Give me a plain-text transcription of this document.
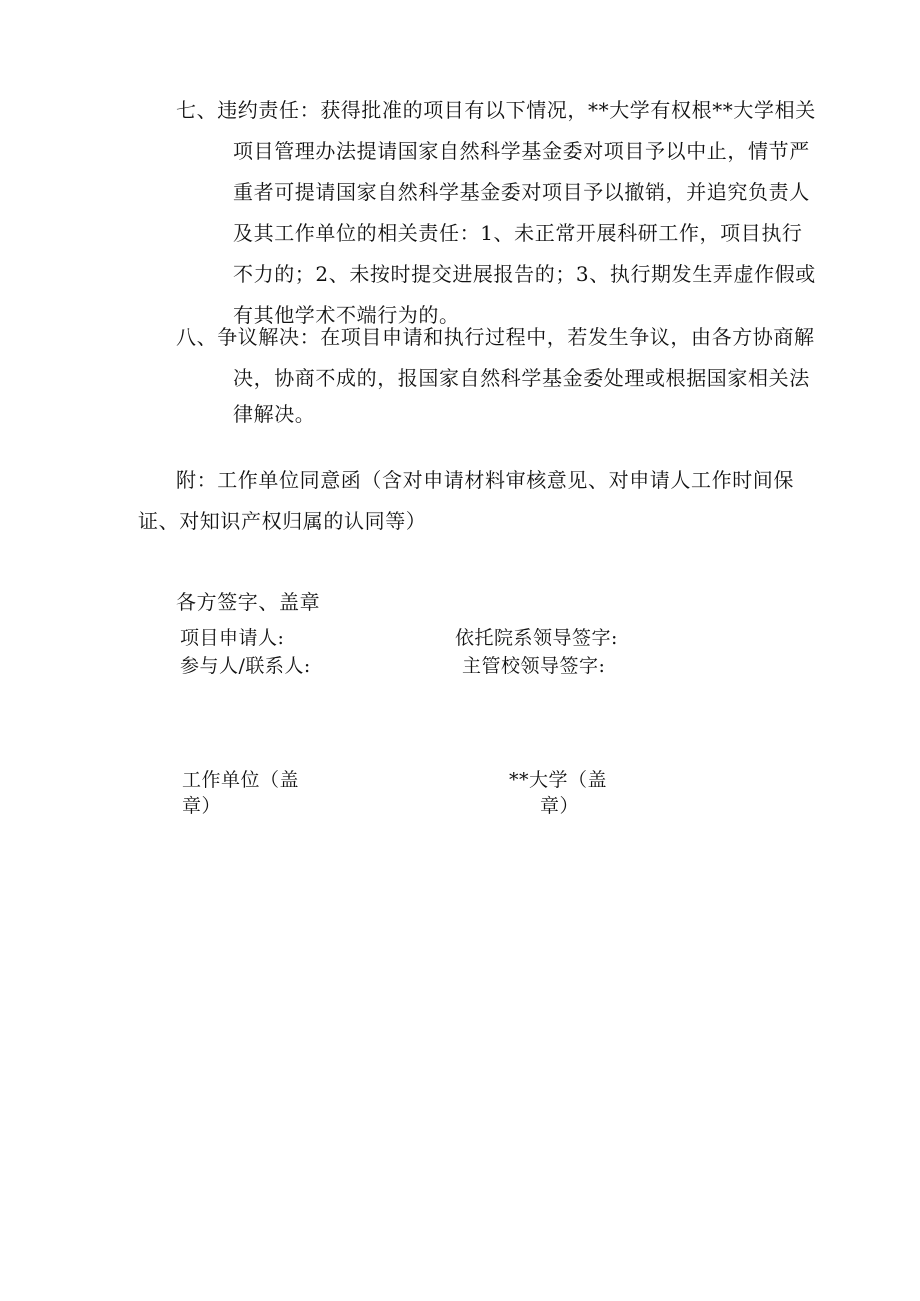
七、违约责任：获得批准的项目有以下情况，**大学有权根**大学相关
项目管理办法提请国家自然科学基金委对项目予以中止，情节严
重者可提请国家自然科学基金委对项目予以撤销，并追究负责人
及其工作单位的相关责任：1、未正常开展科研工作，项目执行
不力的；2、未按时提交进展报告的；3、执行期发生弄虚作假或
有其他学术不端行为的。
八、争议解决：在项目申请和执行过程中，若发生争议，由各方协商解
决，协商不成的，报国家自然科学基金委处理或根据国家相关法
律解决。
附：工作单位同意函（含对申请材料审核意见、对申请人工作时间保
证、对知识产权归属的认同等）
各方签字、盖章
项目申请人:	依托院系领导签字:
参与人/联系人:	主管校领导签字:
工作单位（盖
章）
**大学（盖
章）
